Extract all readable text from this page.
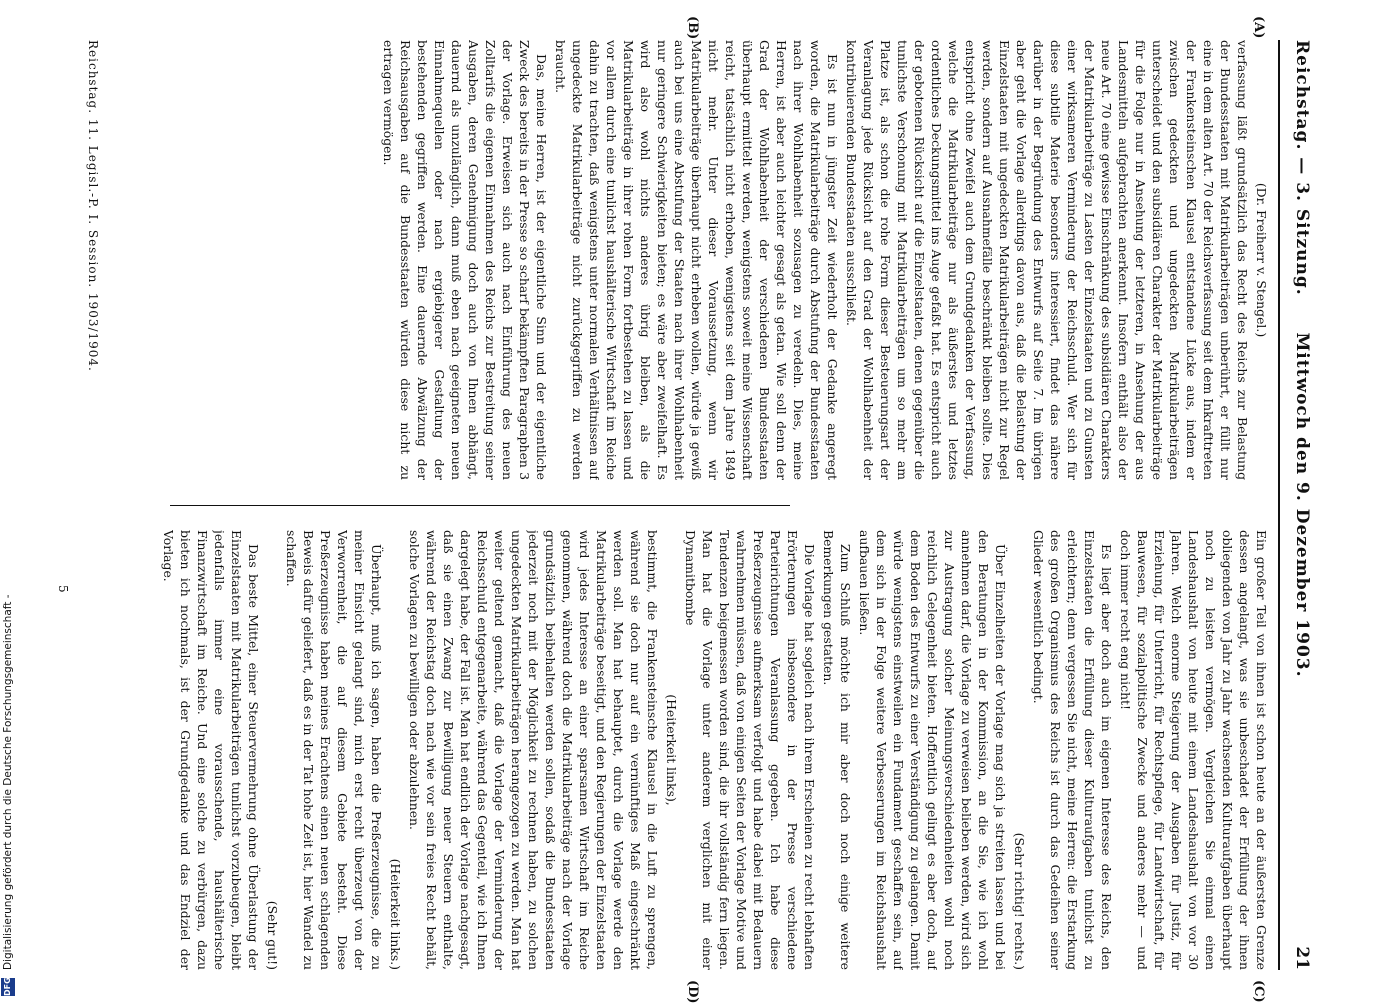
Reichstag. — 3. Sitzung.
Mittwoch den 9. Dezember 1903.
21
(A)
(B)
(C)
(D)

(Dr. Freiherr v. Stengel.)

verfassung läßt grundsätzlich das Recht des Reichs zur Belastung der Bundesstaaten mit Matrikularbeiträgen unberührt, er füllt nur eine in dem alten Art. 70 der Reichsverfassung seit dem Inkrafttreten der Frankensteinschen Klausel entstandene Lücke aus, indem er zwischen gedeckten und ungedeckten Matrikularbeiträgen unterscheidet und den subsidiären Charakter der Matrikularbeiträge für die Folge nur in Ansehung der letzteren, in Ansehung der aus Landesmitteln aufgebrachten anerkennt. Insofern enthält also der neue Art. 70 eine gewisse Einschränkung des subsidiären Charakters der Matrikularbeiträge zu Lasten der Einzelstaaten und zu Gunsten einer wirksameren Verminderung der Reichsschuld. Wer sich für diese subtile Materie besonders interessiert, findet das nähere darüber in der Begründung des Entwurfs auf Seite 7. Im übrigen aber geht die Vorlage allerdings davon aus, daß die Belastung der Einzelstaaten mit ungedeckten Matrikularbeiträgen nicht zur Regel werden, sondern auf Ausnahmefälle beschränkt bleiben sollte. Dies entspricht ohne Zweifel auch dem Grundgedanken der Verfassung, welche die Matrikularbeiträge nur als äußerstes und letztes ordentliches Deckungsmittel ins Auge gefaßt hat. Es entspricht auch der gebotenen Rücksicht auf die Einzelstaaten, denen gegenüber die tunlichste Verschonung mit Matrikularbeiträgen um so mehr am Platze ist, als schon die rohe Form dieser Besteuerungsart der Veranlagung jede Rücksicht auf den Grad der Wohlhabenheit der kontribuierenden Bundesstaaten ausschließt.

Es ist nun in jüngster Zeit wiederholt der Gedanke angeregt worden, die Matrikularbeiträge durch Abstufung der Bundesstaaten nach ihrer Wohlhabenheit sozusagen zu veredeln. Dies, meine Herren, ist aber auch leichter gesagt als getan. Wie soll denn der Grad der Wohlhabenheit der verschiedenen Bundesstaaten überhaupt ermittelt werden, wenigstens soweit meine Wissenschaft reicht, tatsächlich nicht erhoben, wenigstens seit dem Jahre 1849 nicht mehr. Unter dieser Voraussetzung, wenn wir Matrikularbeiträge überhaupt nicht erheben wollen, würde ja gewiß auch bei uns eine Abstufung der Staaten nach ihrer Wohlhabenheit nur geringere Schwierigkeiten bieten; es wäre aber zweifelhaft. Es wird also wohl nichts anderes übrig bleiben, als die Matrikularbeiträge in ihrer rohen Form fortbestehen zu lassen und vor allem durch eine tunlichst haushälterische Wirtschaft im Reiche dahin zu trachten, daß wenigstens unter normalen Verhältnissen auf ungedeckte Matrikularbeiträge nicht zurückgegriffen zu werden braucht.

Das, meine Herren, ist der eigentliche Sinn und der eigentliche Zweck des bereits in der Presse so scharf bekämpften Paragraphen 3 der Vorlage. Erweisen sich auch nach Einführung des neuen Zolltarifs die eigenen Einnahmen des Reichs zur Bestreitung seiner Ausgaben, deren Genehmigung doch auch von Ihnen abhängt, dauernd als unzulänglich, dann muß eben nach geeigneten neuen Einnahmequellen oder nach ergiebigerer Gestaltung der bestehenden gegriffen werden. Eine dauernde Abwälzung der Reichsausgaben auf die Bundesstaaten würden diese nicht zu ertragen vermögen.

Ein großer Teil von ihnen ist schon heute an der äußersten Grenze dessen angelangt, was sie unbeschadet der Erfüllung der ihnen obliegenden von Jahr zu Jahr wachsenden Kulturaufgaben überhaupt noch zu leisten vermögen. Vergleichen Sie einmal einen Landeshaushalt von heute mit einem Landeshaushalt von vor 30 Jahren. Welch enorme Steigerung der Ausgaben für Justiz, für Erziehung, für Unterricht, für Rechtspflege, für Landwirtschaft, für Bauwesen, für sozialpolitische Zwecke und anderes mehr — und doch immer recht eng nicht!

Es liegt aber doch auch im eigenen Interesse des Reichs, den Einzelstaaten die Erfüllung dieser Kulturaufgaben tunlichst zu erleichtern; denn vergessen Sie nicht, meine Herren: die Erstarkung des großen Organismus des Reichs ist durch das Gedeihen seiner Glieder wesentlich bedingt.

(Sehr richtig! rechts.)

Über Einzelheiten der Vorlage mag sich ja streiten lassen und bei den Beratungen in der Kommission, an die Sie, wie ich wohl annehmen darf, die Vorlage zu verweisen belieben werden, wird sich zur Austragung solcher Meinungsverschiedenheiten wohl noch reichlich Gelegenheit bieten. Hoffentlich gelingt es aber doch, auf dem Boden des Entwurfs zu einer Verständigung zu gelangen. Damit würde wenigstens einstweilen ein Fundament geschaffen sein, auf dem sich in der Folge weitere Verbesserungen im Reichshaushalt aufbauen ließen.

Zum Schluß möchte ich mir aber doch noch einige weitere Bemerkungen gestatten.

Die Vorlage hat sogleich nach ihrem Erscheinen zu recht lebhaften Erörterungen insbesondere in der Presse verschiedene Parteirichtungen Veranlassung gegeben. Ich habe diese Preßerzeugnisse aufmerksam verfolgt und habe dabei mit Bedauern wahrnehmen müssen, daß von einigen Seiten der Vorlage Motive und Tendenzen beigemessen worden sind, die ihr vollständig fern liegen. Man hat die Vorlage unter anderem verglichen mit einer Dynamitbombe

(Heiterkeit links),

bestimmt, die Frankensteinsche Klausel in die Luft zu sprengen, während sie doch nur auf ein vernünftiges Maß eingeschränkt werden soll. Man hat behauptet, durch die Vorlage werde den Matrikularbeiträge beseitigt, und den Regierungen der Einzelstaaten wird jedes Interesse an einer sparsamen Wirtschaft im Reiche genommen, während doch die Matrikularbeiträge nach der Vorlage grundsätzlich beibehalten werden sollen, sodaß die Bundesstaaten jederzeit noch mit der Möglichkeit zu rechnen haben, zu solchen ungedeckten Matrikularbeiträgen herangezogen zu werden. Man hat weiter geltend gemacht, daß die Vorlage der Verminderung der Reichsschuld entgegenarbeite, während das Gegenteil, wie ich Ihnen dargelegt habe, der Fall ist. Man hat endlich der Vorlage nachgesagt, daß sie einen Zwang zur Bewilligung neuer Steuern enthalte, während der Reichstag doch nach wie vor sein freies Recht behält, solche Vorlagen zu bewilligen oder abzulehnen.

(Heiterkeit links.)

Überhaupt, muß ich sagen, haben die Preßerzeugnisse, die zu meiner Einsicht gelangt sind, mich erst recht überzeugt von der Verworrenheit, die auf diesem Gebiete besteht. Diese Preßerzeugnisse haben meines Erachtens einen neuen schlagenden Beweis dafür geliefert, daß es in der Tat hohe Zeit ist, hier Wandel zu schaffen.

(Sehr gut!)

Das beste Mittel, einer Steuervermehrung ohne Überlastung der Einzelstaaten mit Matrikularbeiträgen tunlichst vorzubeugen, bleibt jedenfalls immer eine vorausschende, haushälterische Finanzwirtschaft im Reiche. Und eine solche zu verbürgen, dazu bieten ich nochmals, ist der Grundgedanke und das Endziel der Vorlage.

Reichstag. 11. Legisl.-P. I. Session. 1903/1904.
5
DFG
Digitalisierung gefördert durch die Deutsche Forschungsgemeinschaft -
